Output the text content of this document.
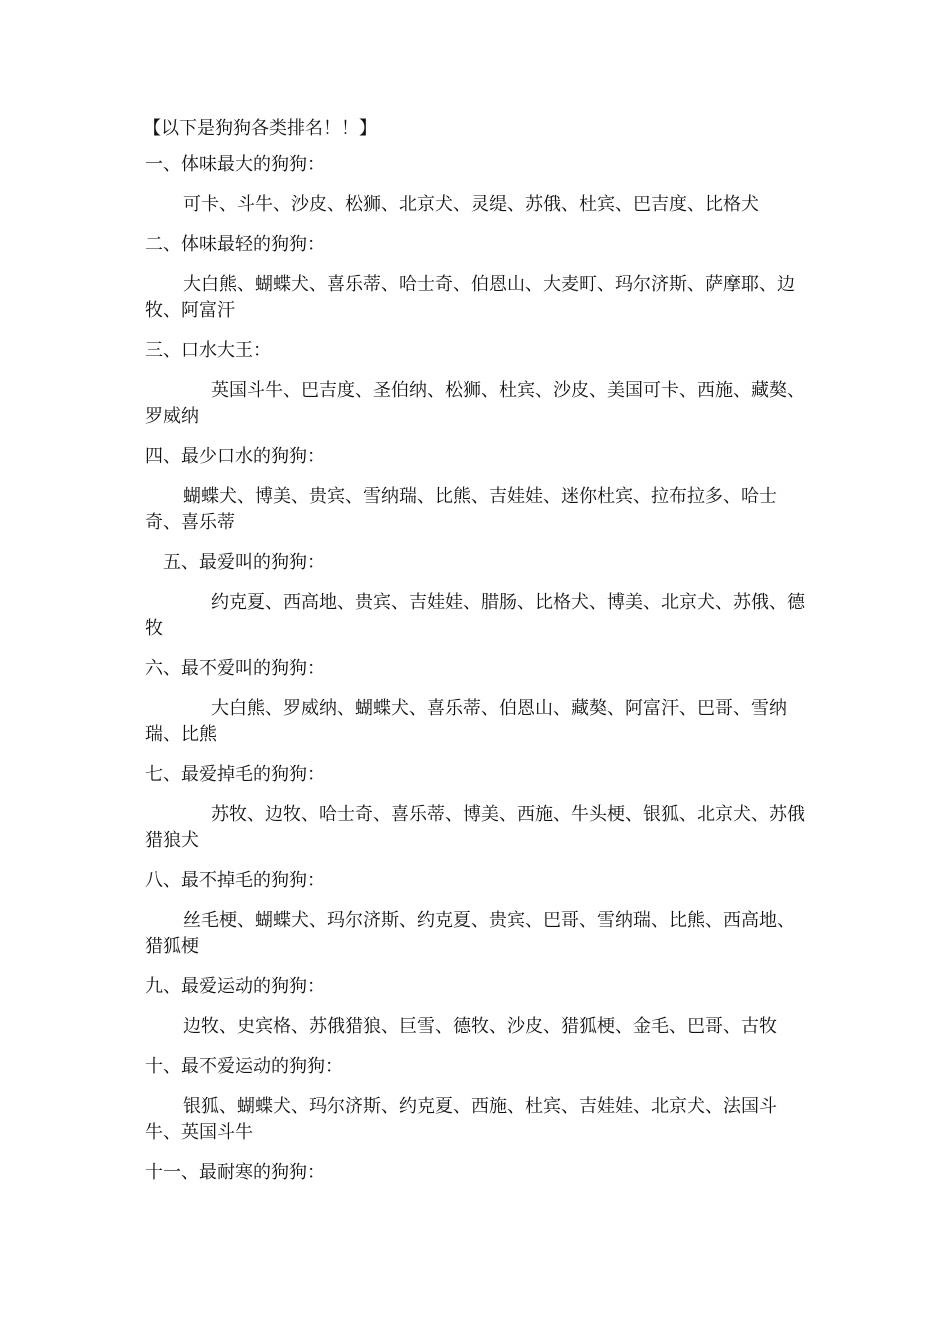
【以下是狗狗各类排名！！】

一、体味最大的狗狗：

可卡、斗牛、沙皮、松狮、北京犬、灵缇、苏俄、杜宾、巴吉度、比格犬

二、体味最轻的狗狗：

大白熊、蝴蝶犬、喜乐蒂、哈士奇、伯恩山、大麦町、玛尔济斯、萨摩耶、边牧、阿富汗

三、口水大王：

英国斗牛、巴吉度、圣伯纳、松狮、杜宾、沙皮、美国可卡、西施、藏獒、罗威纳

四、最少口水的狗狗：

蝴蝶犬、博美、贵宾、雪纳瑞、比熊、吉娃娃、迷你杜宾、拉布拉多、哈士奇、喜乐蒂

五、最爱叫的狗狗：

约克夏、西高地、贵宾、吉娃娃、腊肠、比格犬、博美、北京犬、苏俄、德牧

六、最不爱叫的狗狗：

大白熊、罗威纳、蝴蝶犬、喜乐蒂、伯恩山、藏獒、阿富汗、巴哥、雪纳瑞、比熊

七、最爱掉毛的狗狗：

苏牧、边牧、哈士奇、喜乐蒂、博美、西施、牛头梗、银狐、北京犬、苏俄猎狼犬

八、最不掉毛的狗狗：

丝毛梗、蝴蝶犬、玛尔济斯、约克夏、贵宾、巴哥、雪纳瑞、比熊、西高地、猎狐梗

九、最爱运动的狗狗：

边牧、史宾格、苏俄猎狼、巨雪、德牧、沙皮、猎狐梗、金毛、巴哥、古牧

十、最不爱运动的狗狗：

银狐、蝴蝶犬、玛尔济斯、约克夏、西施、杜宾、吉娃娃、北京犬、法国斗牛、英国斗牛

十一、最耐寒的狗狗：
